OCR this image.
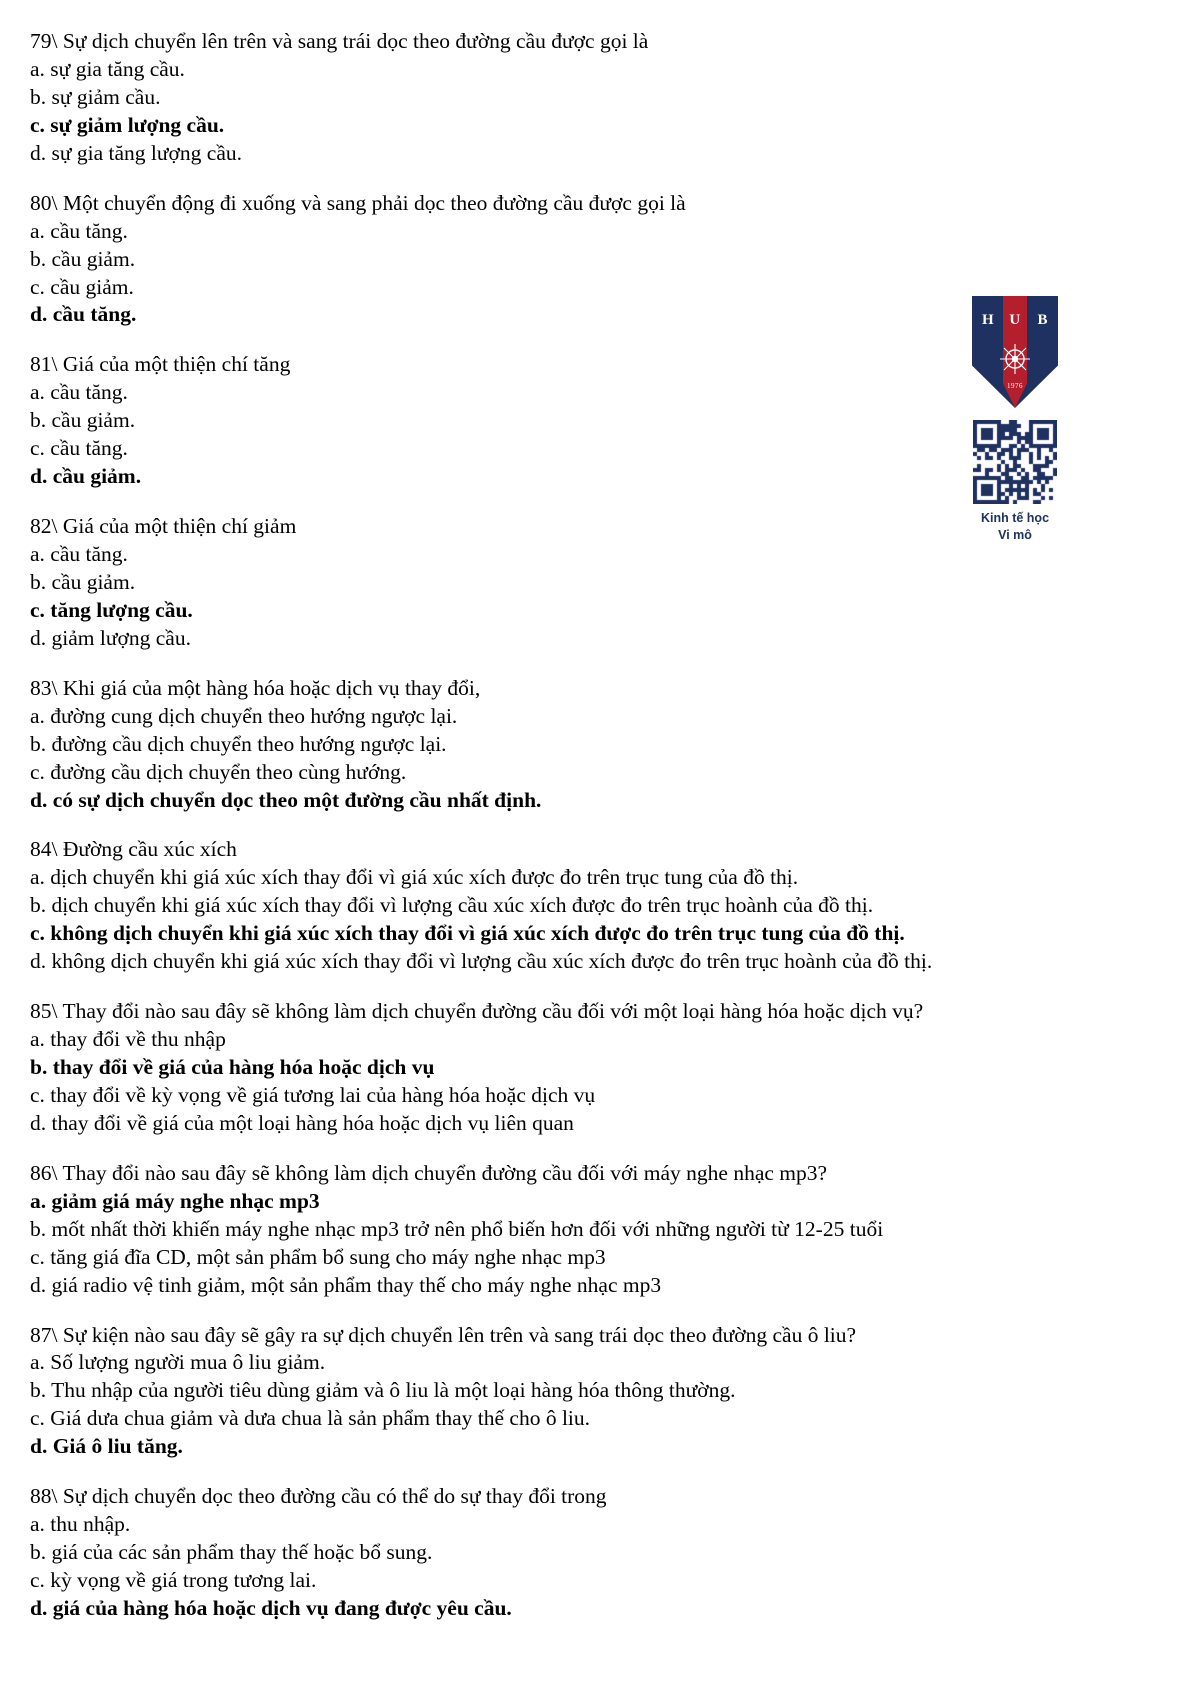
79\ Sự dịch chuyển lên trên và sang trái dọc theo đường cầu được gọi là
a. sự gia tăng cầu.
b. sự giảm cầu.
c. sự giảm lượng cầu.
d. sự gia tăng lượng cầu.
80\ Một chuyển động đi xuống và sang phải dọc theo đường cầu được gọi là
a. cầu tăng.
b. cầu giảm.
c. cầu giảm.
d. cầu tăng.
81\ Giá của một thiện chí tăng
a. cầu tăng.
b. cầu giảm.
c. cầu tăng.
d. cầu giảm.
82\ Giá của một thiện chí giảm
a. cầu tăng.
b. cầu giảm.
c. tăng lượng cầu.
d. giảm lượng cầu.
83\ Khi giá của một hàng hóa hoặc dịch vụ thay đổi,
a. đường cung dịch chuyển theo hướng ngược lại.
b. đường cầu dịch chuyển theo hướng ngược lại.
c. đường cầu dịch chuyển theo cùng hướng.
d. có sự dịch chuyển dọc theo một đường cầu nhất định.
84\ Đường cầu xúc xích
a. dịch chuyển khi giá xúc xích thay đổi vì giá xúc xích được đo trên trục tung của đồ thị.
b. dịch chuyển khi giá xúc xích thay đổi vì lượng cầu xúc xích được đo trên trục hoành của đồ thị.
c. không dịch chuyển khi giá xúc xích thay đổi vì giá xúc xích được đo trên trục tung của đồ thị.
d. không dịch chuyển khi giá xúc xích thay đổi vì lượng cầu xúc xích được đo trên trục hoành của đồ thị.
85\ Thay đổi nào sau đây sẽ không làm dịch chuyển đường cầu đối với một loại hàng hóa hoặc dịch vụ?
a. thay đổi về thu nhập
b. thay đổi về giá của hàng hóa hoặc dịch vụ
c. thay đổi về kỳ vọng về giá tương lai của hàng hóa hoặc dịch vụ
d. thay đổi về giá của một loại hàng hóa hoặc dịch vụ liên quan
86\ Thay đổi nào sau đây sẽ không làm dịch chuyển đường cầu đối với máy nghe nhạc mp3?
a. giảm giá máy nghe nhạc mp3
b. mốt nhất thời khiến máy nghe nhạc mp3 trở nên phổ biến hơn đối với những người từ 12-25 tuổi
c. tăng giá đĩa CD, một sản phẩm bổ sung cho máy nghe nhạc mp3
d. giá radio vệ tinh giảm, một sản phẩm thay thế cho máy nghe nhạc mp3
87\ Sự kiện nào sau đây sẽ gây ra sự dịch chuyển lên trên và sang trái dọc theo đường cầu ô liu?
a. Số lượng người mua ô liu giảm.
b. Thu nhập của người tiêu dùng giảm và ô liu là một loại hàng hóa thông thường.
c. Giá dưa chua giảm và dưa chua là sản phẩm thay thế cho ô liu.
d. Giá ô liu tăng.
88\ Sự dịch chuyển dọc theo đường cầu có thể do sự thay đổi trong
a. thu nhập.
b. giá của các sản phẩm thay thế hoặc bổ sung.
c. kỳ vọng về giá trong tương lai.
d. giá của hàng hóa hoặc dịch vụ đang được yêu cầu.
H U B
1976
Kinh tế học
Vi mô
